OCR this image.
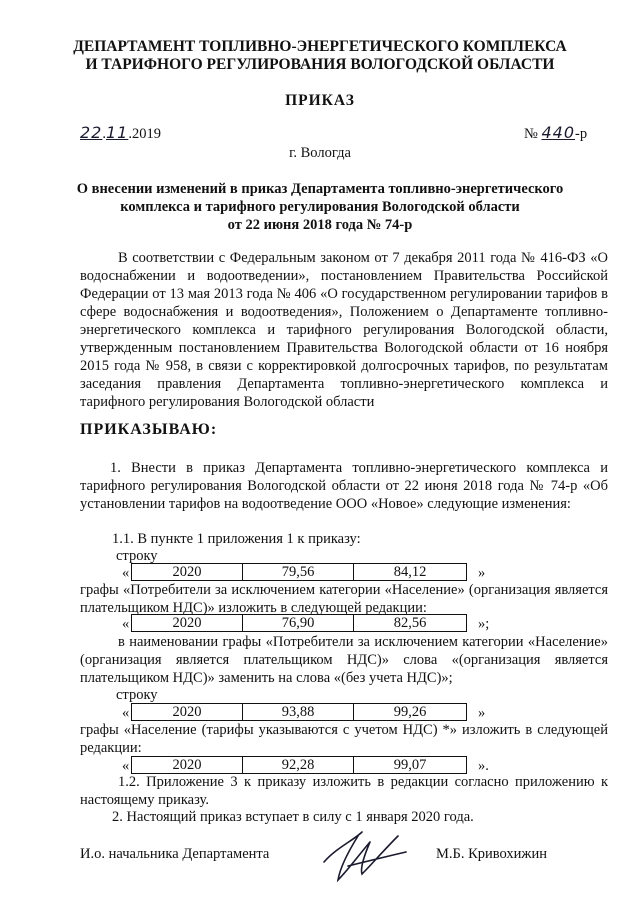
ДЕПАРТАМЕНТ ТОПЛИВНО-ЭНЕРГЕТИЧЕСКОГО КОМПЛЕКСА
И ТАРИФНОГО РЕГУЛИРОВАНИЯ ВОЛОГОДСКОЙ ОБЛАСТИ
ПРИКАЗ
22.11.2019	№ 440-р
г. Вологда
О внесении изменений в приказ Департамента топливно-энергетического
комплекса и тарифного регулирования Вологодской области
от 22 июня 2018 года № 74-р
В соответствии с Федеральным законом от 7 декабря 2011 года № 416-ФЗ «О водоснабжении и водоотведении», постановлением Правительства Российской Федерации от 13 мая 2013 года № 406 «О государственном регулировании тарифов в сфере водоснабжения и водоотведения», Положением о Департаменте топливно-энергетического комплекса и тарифного регулирования Вологодской области, утвержденным постановлением Правительства Вологодской области от 16 ноября 2015 года № 958, в связи с корректировкой долгосрочных тарифов, по результатам заседания правления Департамента топливно-энергетического комплекса и тарифного регулирования Вологодской области
ПРИКАЗЫВАЮ:
1. Внести в приказ Департамента топливно-энергетического комплекса и тарифного регулирования Вологодской области от 22 июня 2018 года № 74-р «Об установлении тарифов на водоотведение ООО «Новое» следующие изменения:
1.1. В пункте 1 приложения 1 к приказу:
строку
«	2020	79,56	84,12	»
графы «Потребители за исключением категории «Население» (организация является плательщиком НДС)» изложить в следующей редакции:
«	2020	76,90	82,56	»;
в наименовании графы «Потребители за исключением категории «Население» (организация является плательщиком НДС)» слова «(организация является плательщиком НДС)» заменить на слова «(без учета НДС)»;
строку
«	2020	93,88	99,26	»
графы «Население (тарифы указываются с учетом НДС) *» изложить в следующей редакции:
«	2020	92,28	99,07	».
1.2. Приложение 3 к приказу изложить в редакции согласно приложению к настоящему приказу.
2. Настоящий приказ вступает в силу с 1 января 2020 года.
И.о. начальника Департамента	М.Б. Кривохижин
